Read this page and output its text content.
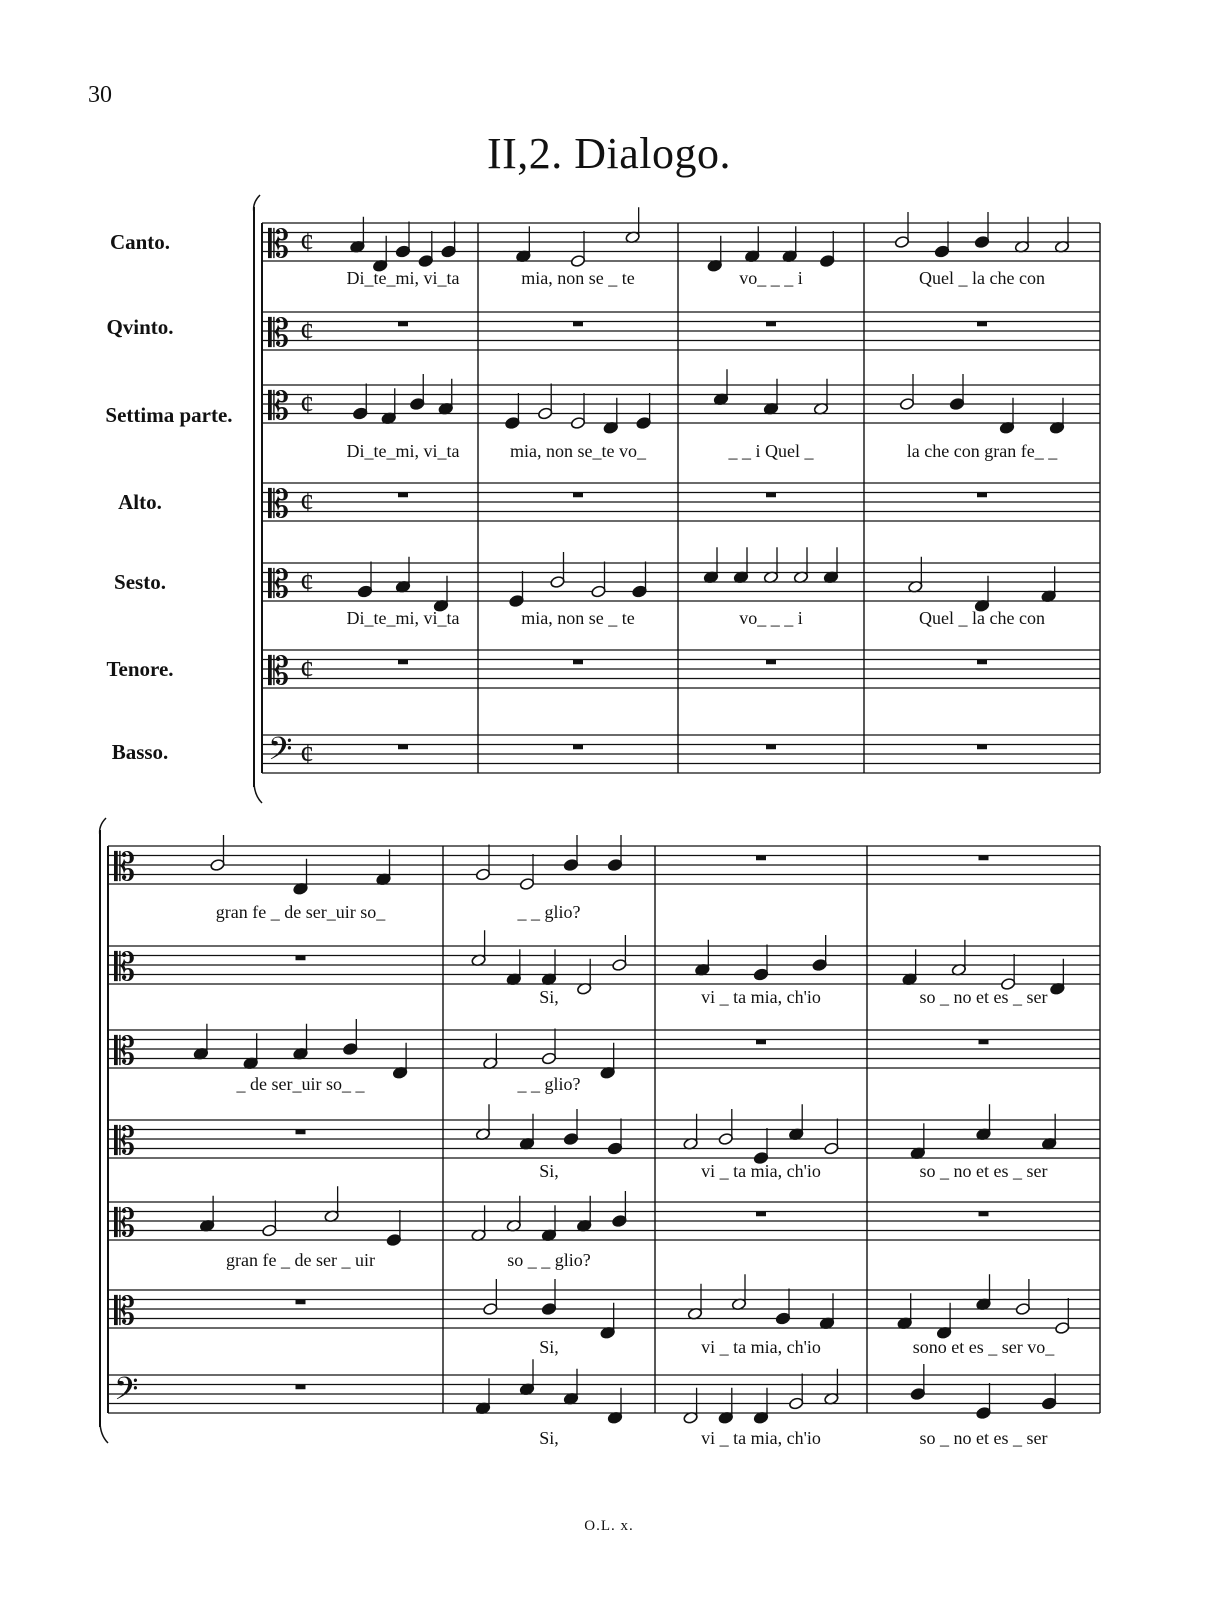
30
II,2. Dialogo.
Canto.
Qvinto.
Settima parte.
Alto.
Sesto.
Tenore.
Basso.
𝄡 ¢
𝄡 ¢
𝄡 ¢
𝄡 ¢
𝄡 ¢
𝄡 ¢
𝄢 ¢
Di_te_mi, vi_ta	mia, non se _ te	vo_ _ _ i	Quel _ la che con
Di_te_mi, vi_ta	mia, non se_te vo_	_ _ i Quel _	la che con gran fe_ _
Di_te_mi, vi_ta	mia, non se _ te	vo_ _ _ i	Quel _ la che con
𝄡
𝄡
𝄡
𝄡
𝄡
𝄡
𝄢
gran fe _ de ser_uir so_	_ _ glio?
Si,	vi _ ta mia, ch'io	so _ no et es _ ser
_ de ser_uir so_ _	_ _ glio?
Si,	vi _ ta mia, ch'io	so _ no et es _ ser
gran fe _ de ser _ uir	so _ _ glio?
Si,	vi _ ta mia, ch'io	sono et es _ ser vo_
Si,	vi _ ta mia, ch'io	so _ no et es _ ser
O.L. x.
